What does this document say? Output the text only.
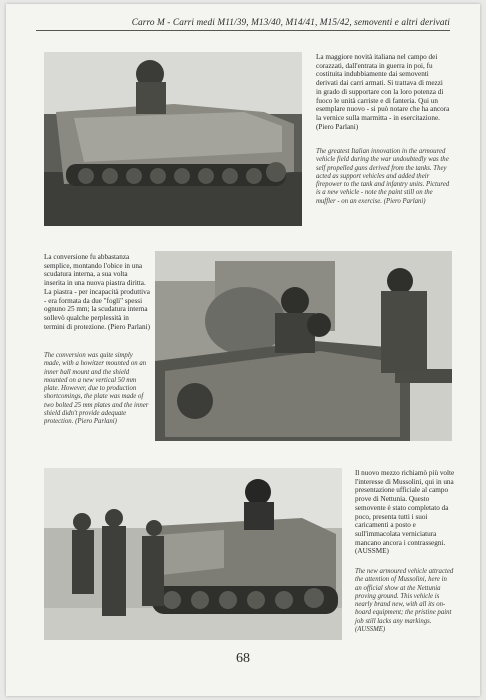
Carro M - Carri medi M11/39, M13/40, M14/41, M15/42, semoventi e altri derivati
La maggiore novità italiana nel campo dei corazzati, dall'entrata in guerra in poi, fu costituita indubbiamente dai semoventi derivati dai carri armati. Si trattava di mezzi in grado di supportare con la loro potenza di fuoco le unità carriste e di fanteria. Qui un esemplare nuovo - si può notare che ha ancora la vernice sulla marmitta - in esercitazione. (Piero Parlani)
The greatest Italian innovation in the armoured vehicle field during the war undoubtedly was the self propelled guns derived from the tanks. They acted as support vehicles and added their firepower to the tank and infantry units. Pictured is a new vehicle - note the paint still on the muffler - on an exercise. (Piero Parlani)
La conversione fu abbastanza semplice, montando l'obice in una scudatura interna, a sua volta inserita in una nuova piastra diritta. La piastra - per incapacità produttiva - era formata da due "fogli" spessi ognuno 25 mm; la scudatura interna sollevò qualche perplessità in termini di protezione. (Piero Parlani)
The conversion was quite simply made, with a howitzer mounted on an inner ball mount and the shield mounted on a new vertical 50 mm plate. However, due to production shortcomings, the plate was made of two bolted 25 mm plates and the inner shield didn't provide adequate protection. (Piero Parlani)
Il nuovo mezzo richiamò più volte l'interesse di Mussolini, qui in una presentazione ufficiale al campo prove di Nettunia. Questo semovente è stato completato da poco, presenta tutti i suoi caricamenti a posto e sull'immacolata verniciatura mancano ancora i contrassegni. (AUSSME)
The new armoured vehicle attracted the attention of Mussolini, here in an official show at the Nettunia proving ground. This vehicle is nearly brand new, with all its on-board equipment; the pristine paint job still lacks any markings. (AUSSME)
68
